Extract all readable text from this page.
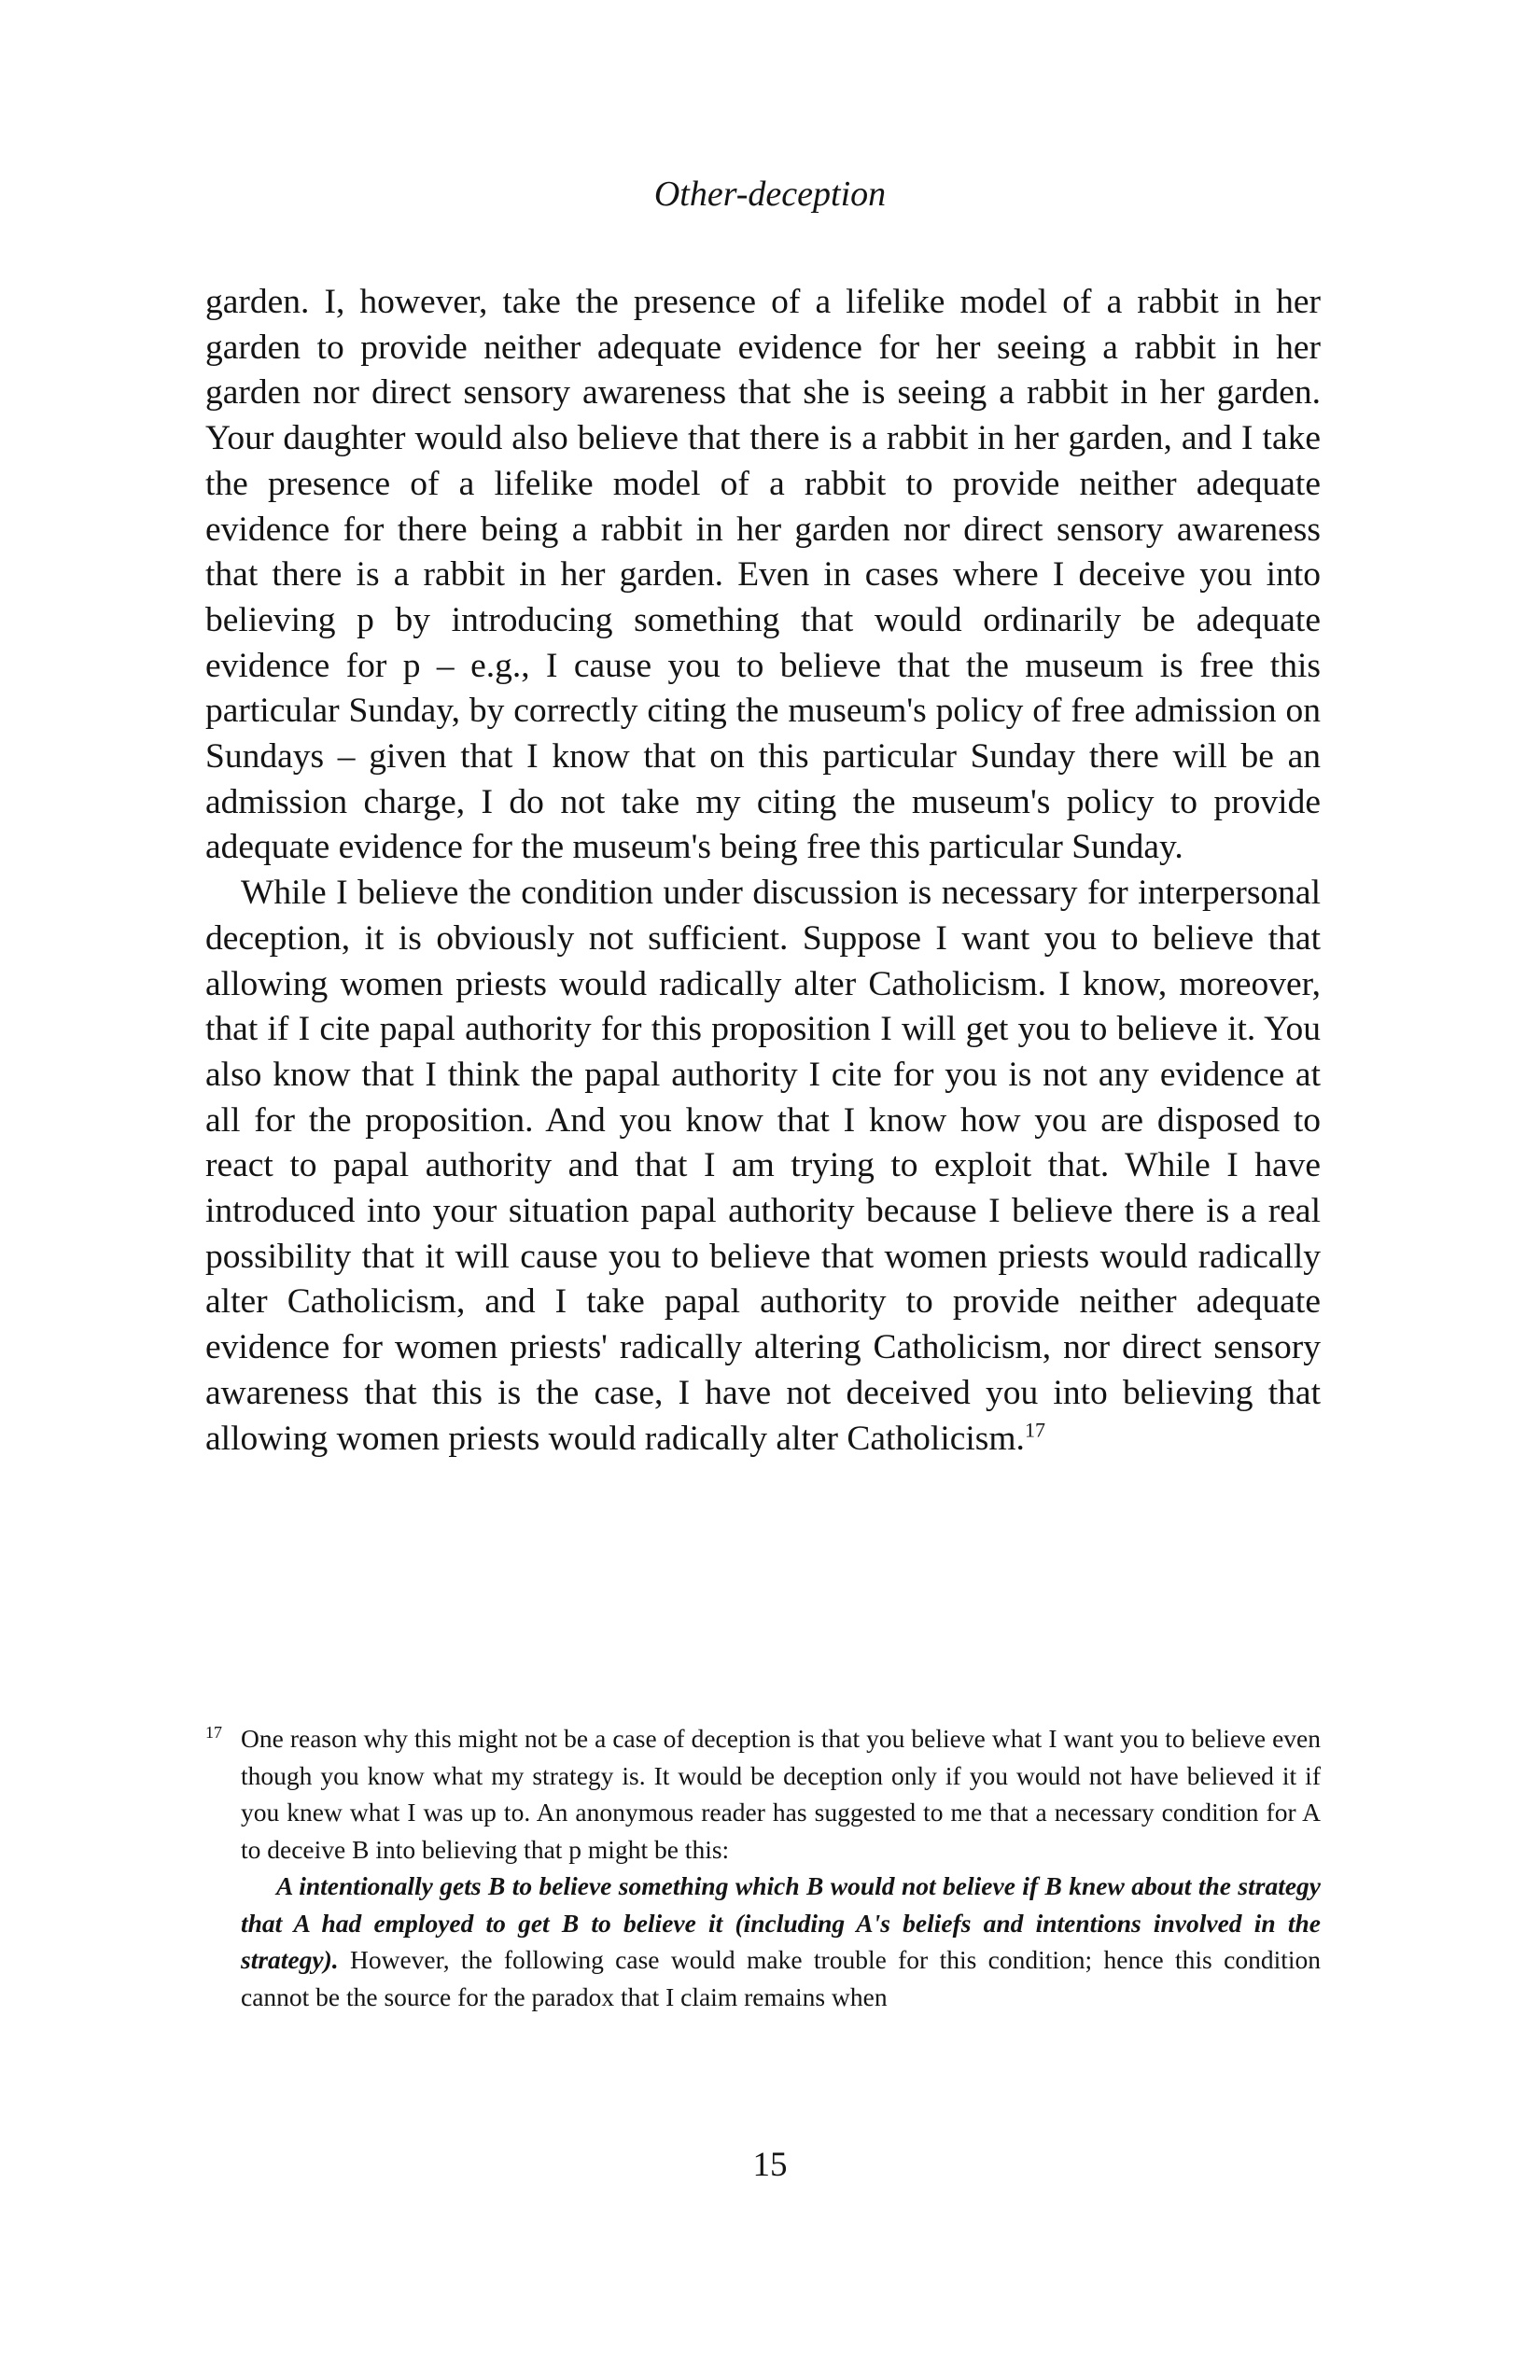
Other-deception

garden. I, however, take the presence of a lifelike model of a rabbit in her garden to provide neither adequate evidence for her seeing a rabbit in her garden nor direct sensory awareness that she is seeing a rabbit in her garden. Your daughter would also believe that there is a rabbit in her garden, and I take the presence of a lifelike model of a rabbit to provide neither adequate evidence for there being a rabbit in her garden nor direct sensory awareness that there is a rabbit in her garden. Even in cases where I deceive you into believing p by introducing something that would ordinarily be adequate evidence for p – e.g., I cause you to believe that the museum is free this particular Sunday, by correctly citing the museum's policy of free admission on Sundays – given that I know that on this particular Sunday there will be an admission charge, I do not take my citing the museum's policy to provide adequate evidence for the museum's being free this particular Sunday.

While I believe the condition under discussion is necessary for interpersonal deception, it is obviously not sufficient. Suppose I want you to believe that allowing women priests would radically alter Catholicism. I know, moreover, that if I cite papal authority for this proposition I will get you to believe it. You also know that I think the papal authority I cite for you is not any evidence at all for the proposition. And you know that I know how you are disposed to react to papal authority and that I am trying to exploit that. While I have introduced into your situation papal authority because I believe there is a real possibility that it will cause you to believe that women priests would radically alter Catholicism, and I take papal authority to provide neither adequate evidence for women priests' radically altering Catholicism, nor direct sensory awareness that this is the case, I have not deceived you into believing that allowing women priests would radically alter Catholicism.$^{17}$

17 One reason why this might not be a case of deception is that you believe what I want you to believe even though you know what my strategy is. It would be deception only if you would not have believed it if you knew what I was up to. An anonymous reader has suggested to me that a necessary condition for A to deceive B into believing that p might be this:

A intentionally gets B to believe something which B would not believe if B knew about the strategy that A had employed to get B to believe it (including A's beliefs and intentions involved in the strategy). However, the following case would make trouble for this condition; hence this condition cannot be the source for the paradox that I claim remains when

15
